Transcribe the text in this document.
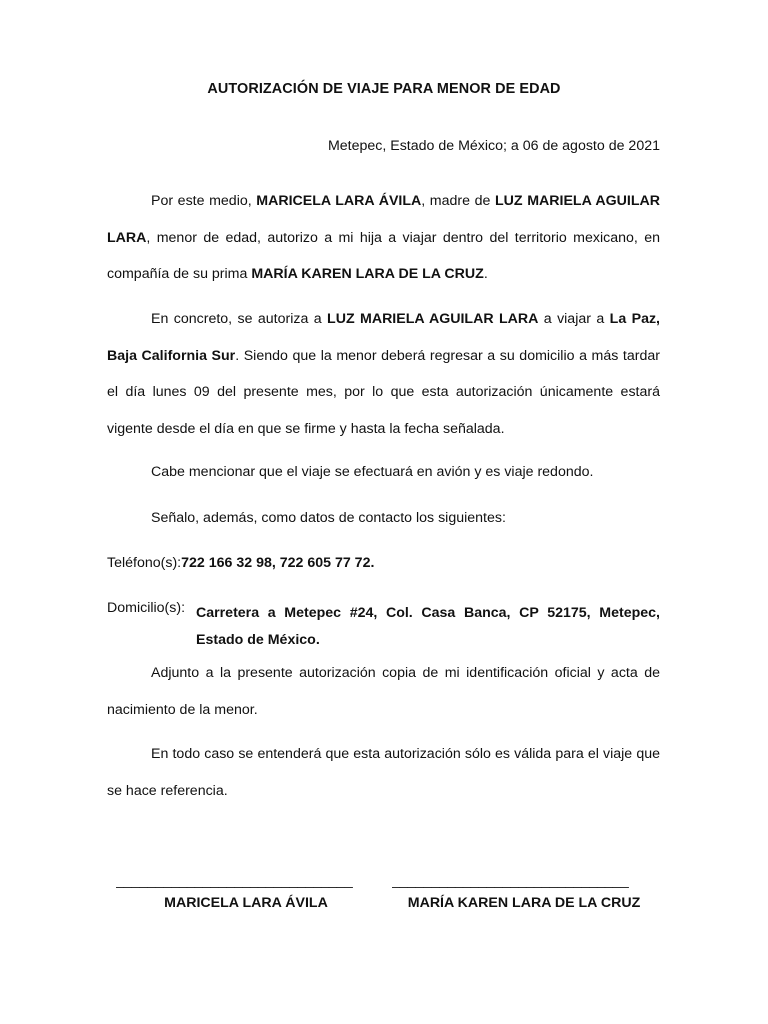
AUTORIZACIÓN DE VIAJE PARA MENOR DE EDAD
Metepec, Estado de México; a 06 de agosto de 2021

Por este medio, MARICELA LARA ÁVILA, madre de LUZ MARIELA AGUILAR LARA, menor de edad, autorizo a mi hija a viajar dentro del territorio mexicano, en compañía de su prima MARÍA KAREN LARA DE LA CRUZ.

En concreto, se autoriza a LUZ MARIELA AGUILAR LARA a viajar a La Paz, Baja California Sur. Siendo que la menor deberá regresar a su domicilio a más tardar el día lunes 09 del presente mes, por lo que esta autorización únicamente estará vigente desde el día en que se firme y hasta la fecha señalada.

Cabe mencionar que el viaje se efectuará en avión y es viaje redondo.

Señalo, además, como datos de contacto los siguientes:

Teléfono(s):722 166 32 98, 722 605 77 72.
Domicilio(s): Carretera a Metepec #24, Col. Casa Banca, CP 52175, Metepec, Estado de México.

Adjunto a la presente autorización copia de mi identificación oficial y acta de nacimiento de la menor.

En todo caso se entenderá que esta autorización sólo es válida para el viaje que se hace referencia.

______________________________	______________________________
MARICELA LARA ÁVILA	MARÍA KAREN LARA DE LA CRUZ
